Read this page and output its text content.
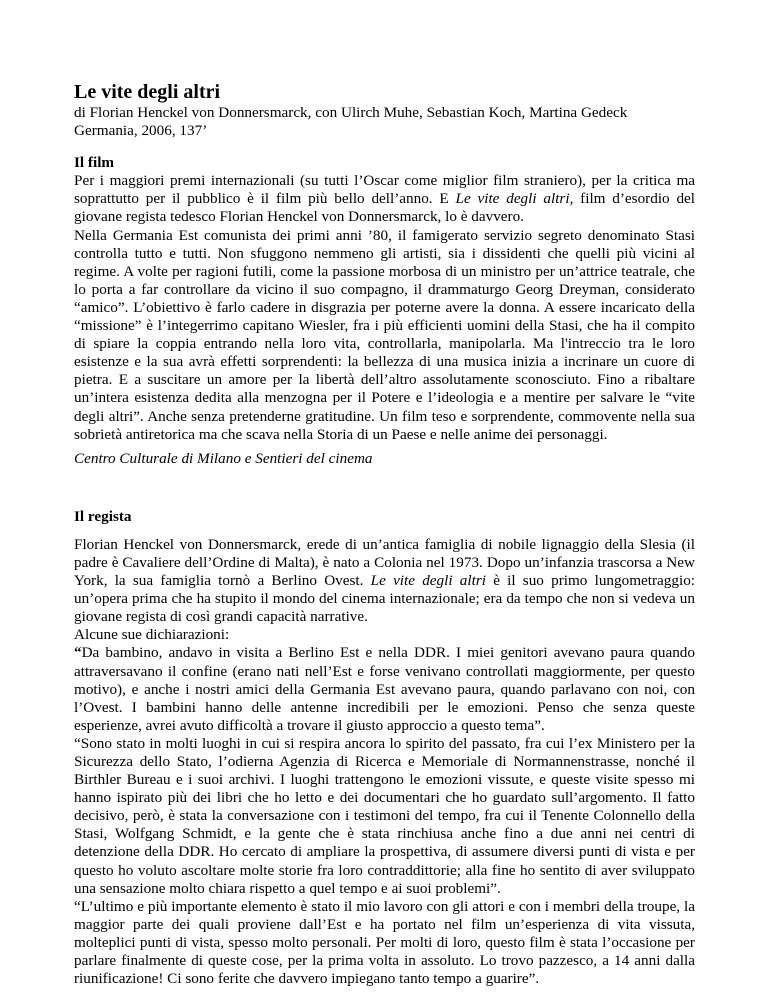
Le vite degli altri

di Florian Henckel von Donnersmarck, con Ulirch Muhe, Sebastian Koch, Martina Gedeck

Germania, 2006, 137’

Il film

Per i maggiori premi internazionali (su tutti l’Oscar come miglior film straniero), per la critica ma soprattutto per il pubblico è il film più bello dell’anno. E Le vite degli altri, film d’esordio del giovane regista tedesco Florian Henckel von Donnersmarck, lo è davvero.

Nella Germania Est comunista dei primi anni ’80, il famigerato servizio segreto denominato Stasi controlla tutto e tutti. Non sfuggono nemmeno gli artisti, sia i dissidenti che quelli più vicini al regime. A volte per ragioni futili, come la passione morbosa di un ministro per un’attrice teatrale, che lo porta a far controllare da vicino il suo compagno, il drammaturgo Georg Dreyman, considerato “amico”. L’obiettivo è farlo cadere in disgrazia per poterne avere la donna. A essere incaricato della “missione” è l’integerrimo capitano Wiesler, fra i più efficienti uomini della Stasi, che ha il compito di spiare la coppia entrando nella loro vita, controllarla, manipolarla. Ma l'intreccio tra le loro esistenze e la sua avrà effetti sorprendenti: la bellezza di una musica inizia a incrinare un cuore di pietra. E a suscitare un amore per la libertà dell’altro assolutamente sconosciuto. Fino a ribaltare un’intera esistenza dedita alla menzogna per il Potere e l’ideologia e a mentire per salvare le “vite degli altri”. Anche senza pretenderne gratitudine. Un film teso e sorprendente, commovente nella sua sobrietà antiretorica ma che scava nella Storia di un Paese e nelle anime dei personaggi.

Centro Culturale di Milano e Sentieri del cinema

Il regista

Florian Henckel von Donnersmarck, erede di un’antica famiglia di nobile lignaggio della Slesia (il padre è Cavaliere dell’Ordine di Malta), è nato a Colonia nel 1973. Dopo un’infanzia trascorsa a New York, la sua famiglia tornò a Berlino Ovest. Le vite degli altri è il suo primo lungometraggio: un’opera prima che ha stupito il mondo del cinema internazionale; era da tempo che non si vedeva un giovane regista di così grandi capacità narrative.

Alcune sue dichiarazioni:

“Da bambino, andavo in visita a Berlino Est e nella DDR. I miei genitori avevano paura quando attraversavano il confine (erano nati nell’Est e forse venivano controllati maggiormente, per questo motivo), e anche i nostri amici della Germania Est avevano paura, quando parlavano con noi, con l’Ovest. I bambini hanno delle antenne incredibili per le emozioni. Penso che senza queste esperienze, avrei avuto difficoltà a trovare il giusto approccio a questo tema”.

“Sono stato in molti luoghi in cui si respira ancora lo spirito del passato, fra cui l’ex Ministero per la Sicurezza dello Stato, l’odierna Agenzia di Ricerca e Memoriale di Normannenstrasse, nonché il Birthler Bureau e i suoi archivi. I luoghi trattengono le emozioni vissute, e queste visite spesso mi hanno ispirato più dei libri che ho letto e dei documentari che ho guardato sull’argomento. Il fatto decisivo, però, è stata la conversazione con i testimoni del tempo, fra cui il Tenente Colonnello della Stasi, Wolfgang Schmidt, e la gente che è stata rinchiusa anche fino a due anni nei centri di detenzione della DDR. Ho cercato di ampliare la prospettiva, di assumere diversi punti di vista e per questo ho voluto ascoltare molte storie fra loro contraddittorie; alla fine ho sentito di aver sviluppato una sensazione molto chiara rispetto a quel tempo e ai suoi problemi”.

“L’ultimo e più importante elemento è stato il mio lavoro con gli attori e con i membri della troupe, la maggior parte dei quali proviene dall’Est e ha portato nel film un’esperienza di vita vissuta, molteplici punti di vista, spesso molto personali. Per molti di loro, questo film è stata l’occasione per parlare finalmente di queste cose, per la prima volta in assoluto. Lo trovo pazzesco, a 14 anni dalla riunificazione! Ci sono ferite che davvero impiegano tanto tempo a guarire”.
